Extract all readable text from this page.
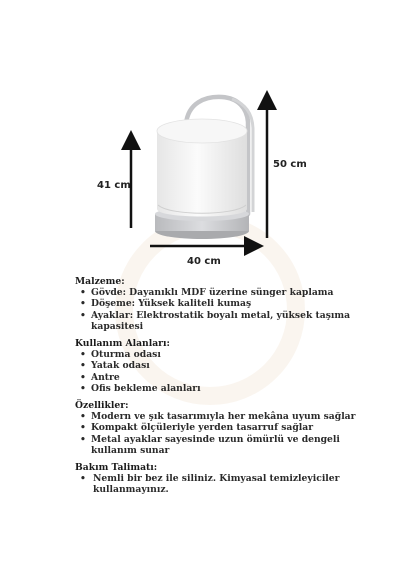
41 cm
50 cm
40 cm

Malzeme:

• Gövde: Dayanıklı MDF üzerine sünger kaplama
• Döşeme: Yüksek kaliteli kumaş
• Ayaklar: Elektrostatik boyalı metal, yüksek taşıma kapasitesi

Kullanım Alanları:

• Oturma odası
• Yatak odası
• Antre
• Ofis bekleme alanları

Özellikler:

• Modern ve şık tasarımıyla her mekâna uyum sağlar
• Kompakt ölçüleriyle yerden tasarruf sağlar
• Metal ayaklar sayesinde uzun ömürlü ve dengeli kullanım sunar

Bakım Talimatı:

• Nemli bir bez ile siliniz. Kimyasal temizleyiciler kullanmayınız.
